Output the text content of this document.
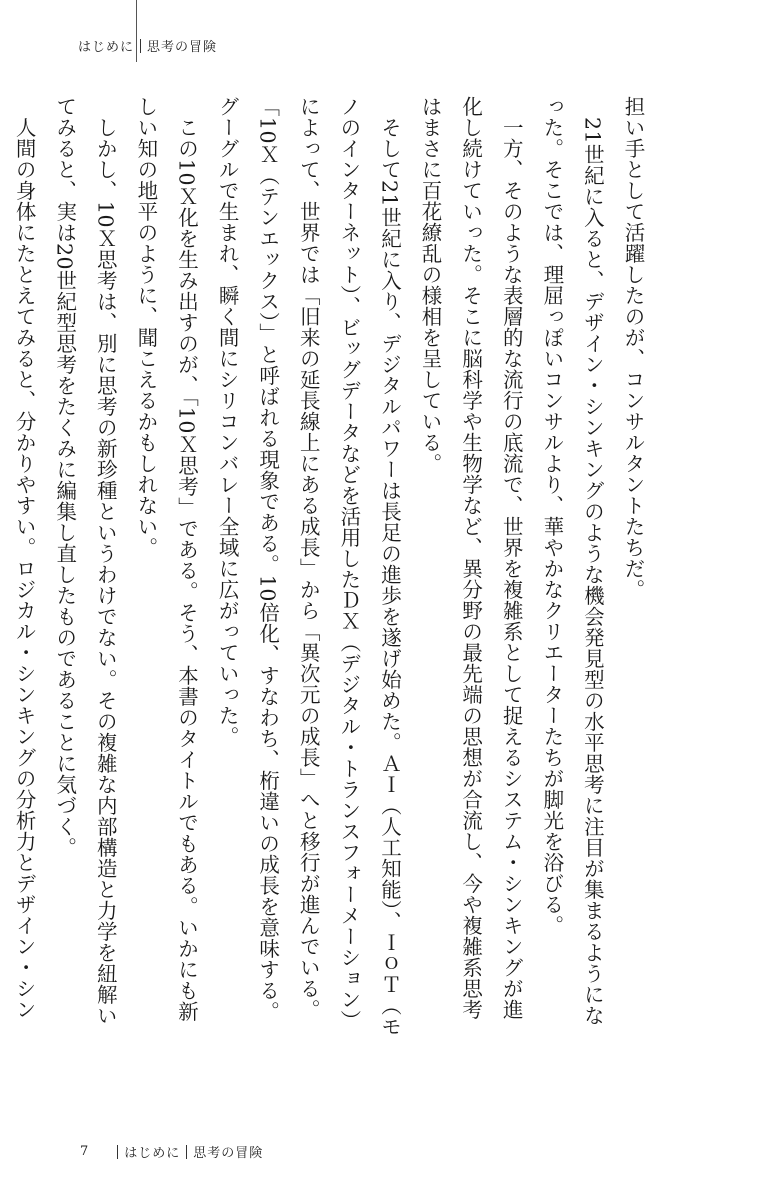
はじめに 思考の冒険
担い手として活躍したのが、コンサルタントたちだ。
　21世紀に入ると、デザイン・シンキングのような機会発見型の水平思考に注目が集まるようにな
った。そこでは、理屈っぽいコンサルより、華やかなクリエーターたちが脚光を浴びる。
　一方、そのような表層的な流行の底流で、世界を複雑系として捉えるシステム・シンキングが進
化し続けていった。そこに脳科学や生物学など、異分野の最先端の思想が合流し、今や複雑系思考
はまさに百花繚乱の様相を呈している。
　そして21世紀に入り、デジタルパワーは長足の進歩を遂げ始めた。ＡＩ（人工知能）、ＩｏＴ（モ
ノのインターネット）、ビッグデータなどを活用したＤＸ（デジタル・トランスフォーメーション）
によって、世界では「旧来の延長線上にある成長」から「異次元の成長」へと移行が進んでいる。
「10Ｘ（テンエックス）」と呼ばれる現象である。10倍化、すなわち、桁違いの成長を意味する。
グーグルで生まれ、瞬く間にシリコンバレー全域に広がっていった。
　この10Ｘ化を生み出すのが、「10Ｘ思考」である。そう、本書のタイトルでもある。いかにも新
しい知の地平のように、聞こえるかもしれない。
　しかし、10Ｘ思考は、別に思考の新珍種というわけでない。その複雑な内部構造と力学を紐解い
てみると、実は20世紀型思考をたくみに編集し直したものであることに気づく。
　人間の身体にたとえてみると、分かりやすい。ロジカル・シンキングの分析力とデザイン・シン
7	はじめに 思考の冒険
